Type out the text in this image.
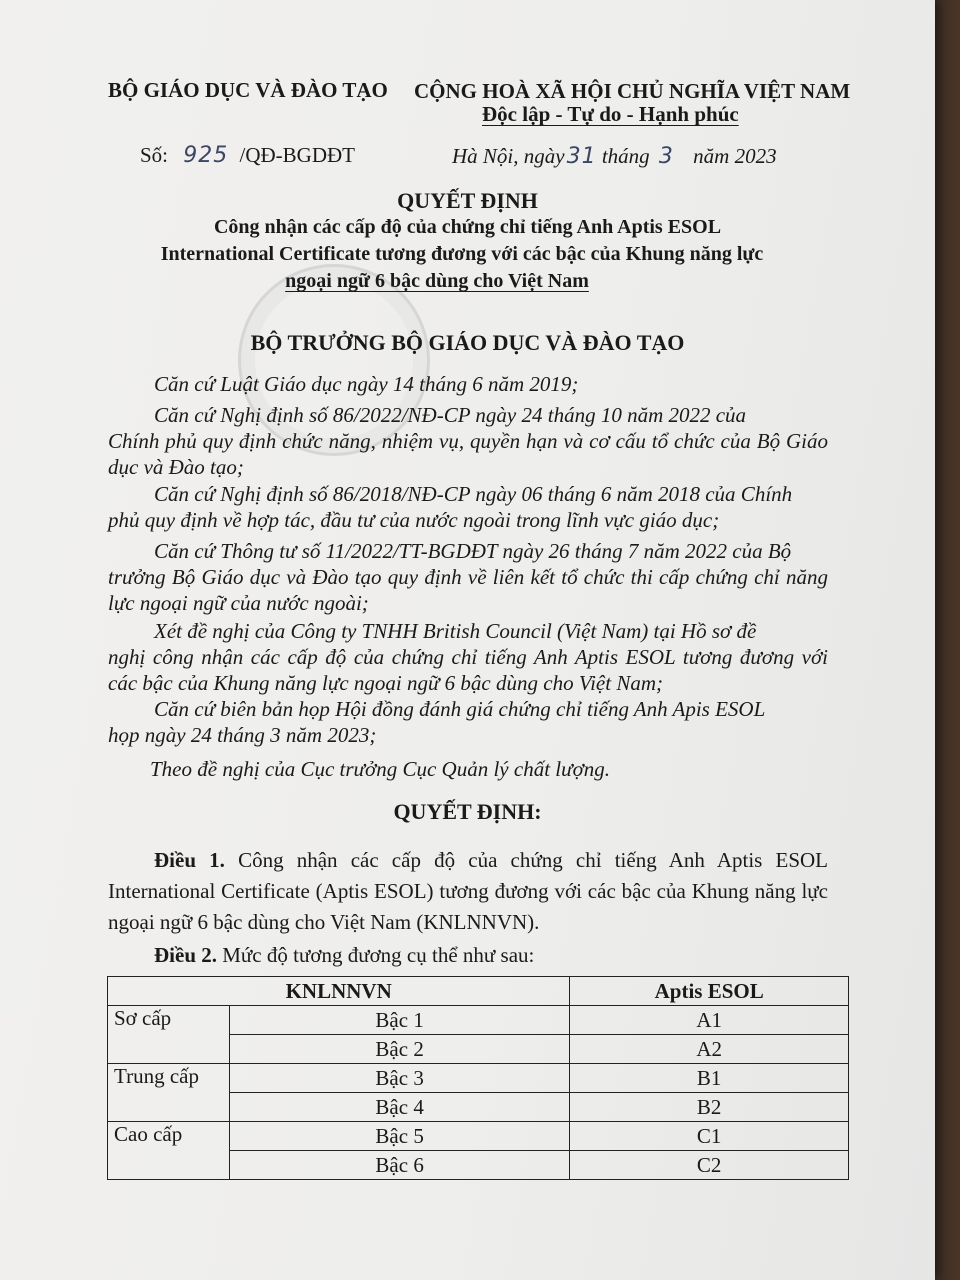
BỘ GIÁO DỤC VÀ ĐÀO TẠO CỘNG HOÀ XÃ HỘI CHỦ NGHĨA VIỆT NAM
Độc lập - Tự do - Hạnh phúc
Số: 925 /QĐ-BGDĐT	Hà Nội, ngày31 tháng 3 năm 2023
QUYẾT ĐỊNH
Công nhận các cấp độ của chứng chỉ tiếng Anh Aptis ESOL
International Certificate tương đương với các bậc của Khung năng lực
ngoại ngữ 6 bậc dùng cho Việt Nam
BỘ TRƯỞNG BỘ GIÁO DỤC VÀ ĐÀO TẠO
Căn cứ Luật Giáo dục ngày 14 tháng 6 năm 2019;
Căn cứ Nghị định số 86/2022/NĐ-CP ngày 24 tháng 10 năm 2022 của
Chính phủ quy định chức năng, nhiệm vụ, quyền hạn và cơ cấu tổ chức của Bộ Giáo dục và Đào tạo;
Căn cứ Nghị định số 86/2018/NĐ-CP ngày 06 tháng 6 năm 2018 của Chính
phủ quy định về hợp tác, đầu tư của nước ngoài trong lĩnh vực giáo dục;
Căn cứ Thông tư số 11/2022/TT-BGDĐT ngày 26 tháng 7 năm 2022 của Bộ
trưởng Bộ Giáo dục và Đào tạo quy định về liên kết tổ chức thi cấp chứng chỉ năng lực ngoại ngữ của nước ngoài;
Xét đề nghị của Công ty TNHH British Council (Việt Nam) tại Hồ sơ đề
nghị công nhận các cấp độ của chứng chỉ tiếng Anh Aptis ESOL tương đương với các bậc của Khung năng lực ngoại ngữ 6 bậc dùng cho Việt Nam;
Căn cứ biên bản họp Hội đồng đánh giá chứng chỉ tiếng Anh Apis ESOL
họp ngày 24 tháng 3 năm 2023;
Theo đề nghị của Cục trưởng Cục Quản lý chất lượng.
QUYẾT ĐỊNH:
Điều 1. Công nhận các cấp độ của chứng chỉ tiếng Anh Aptis ESOL International Certificate (Aptis ESOL) tương đương với các bậc của Khung năng lực ngoại ngữ 6 bậc dùng cho Việt Nam (KNLNNVN).
Điều 2. Mức độ tương đương cụ thể như sau:
KNLNNVN		Aptis ESOL
Sơ cấp	Bậc 1	A1
	Bậc 2	A2
Trung cấp	Bậc 3	B1
	Bậc 4	B2
Cao cấp	Bậc 5	C1
	Bậc 6	C2
